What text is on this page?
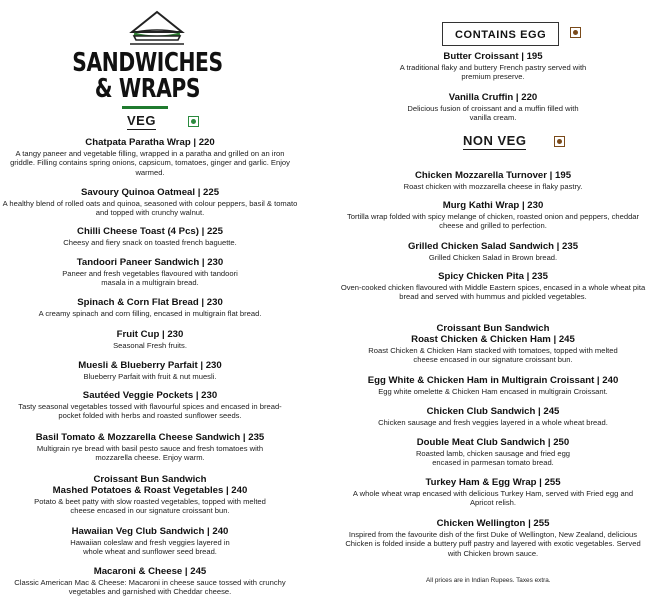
SANDWICHES
& WRAPS
VEG
Chatpata Paratha Wrap | 220
A tangy paneer and vegetable filling, wrapped in a paratha and grilled on an iron griddle. Filling contains spring onions, capsicum, tomatoes, ginger and garlic. Enjoy warmed.
Savoury Quinoa Oatmeal | 225
A healthy blend of rolled oats and quinoa, seasoned with colour peppers, basil & tomato and topped with crunchy walnut.
Chilli Cheese Toast (4 Pcs) | 225
Cheesy and fiery snack on toasted french baguette.
Tandoori Paneer Sandwich | 230
Paneer and fresh vegetables flavoured with tandoori masala in a multigrain bread.
Spinach & Corn Flat Bread | 230
A creamy spinach and corn filling, encased in multigrain flat bread.
Fruit Cup | 230
Seasonal Fresh fruits.
Muesli & Blueberry Parfait | 230
Blueberry Parfait with fruit & nut muesli.
Sautéed Veggie Pockets | 230
Tasty seasonal vegetables tossed with flavourful spices and encased in bread-pocket folded with herbs and roasted sunflower seeds.
Basil Tomato & Mozzarella Cheese Sandwich | 235
Multigrain rye bread with basil pesto sauce and fresh tomatoes with mozzarella cheese. Enjoy warm.
Croissant Bun Sandwich
Mashed Potatoes & Roast Vegetables | 240
Potato & beet patty with slow roasted vegetables, topped with melted cheese encased in our signature croissant bun.
Hawaiian Veg Club Sandwich | 240
Hawaiian coleslaw and fresh veggies layered in whole wheat and sunflower seed bread.
Macaroni & Cheese | 245
Classic American Mac & Cheese: Macaroni in cheese sauce tossed with crunchy vegetables and garnished with Cheddar cheese.
CONTAINS EGG
Butter Croissant | 195
A traditional flaky and buttery French pastry served with premium preserve.
Vanilla Cruffin | 220
Delicious fusion of croissant and a muffin filled with vanilla cream.
NON VEG
Chicken Mozzarella Turnover | 195
Roast chicken with mozzarella cheese in flaky pastry.
Murg Kathi Wrap | 230
Tortilla wrap folded with spicy melange of chicken, roasted onion and peppers, cheddar cheese and grilled to perfection.
Grilled Chicken Salad Sandwich | 235
Grilled Chicken Salad in Brown bread.
Spicy Chicken Pita | 235
Oven-cooked chicken flavoured with Middle Eastern spices, encased in a whole wheat pita bread and served with hummus and pickled vegetables.
Croissant Bun Sandwich
Roast Chicken & Chicken Ham | 245
Roast Chicken & Chicken Ham stacked with tomatoes, topped with melted cheese encased in our signature croissant bun.
Egg White & Chicken Ham in Multigrain Croissant | 240
Egg white omelette & Chicken Ham encased in multigrain Croissant.
Chicken Club Sandwich | 245
Chicken sausage and fresh veggies layered in a whole wheat bread.
Double Meat Club Sandwich | 250
Roasted lamb, chicken sausage and fried egg encased in parmesan tomato bread.
Turkey Ham & Egg Wrap | 255
A whole wheat wrap encased with delicious Turkey Ham, served with Fried egg and Apricot relish.
Chicken Wellington | 255
Inspired from the favourite dish of the first Duke of Wellington, New Zealand, delicious Chicken is folded inside a buttery puff pastry and layered with exotic vegetables. Served with Chicken brown sauce.
All prices are in Indian Rupees. Taxes extra.
